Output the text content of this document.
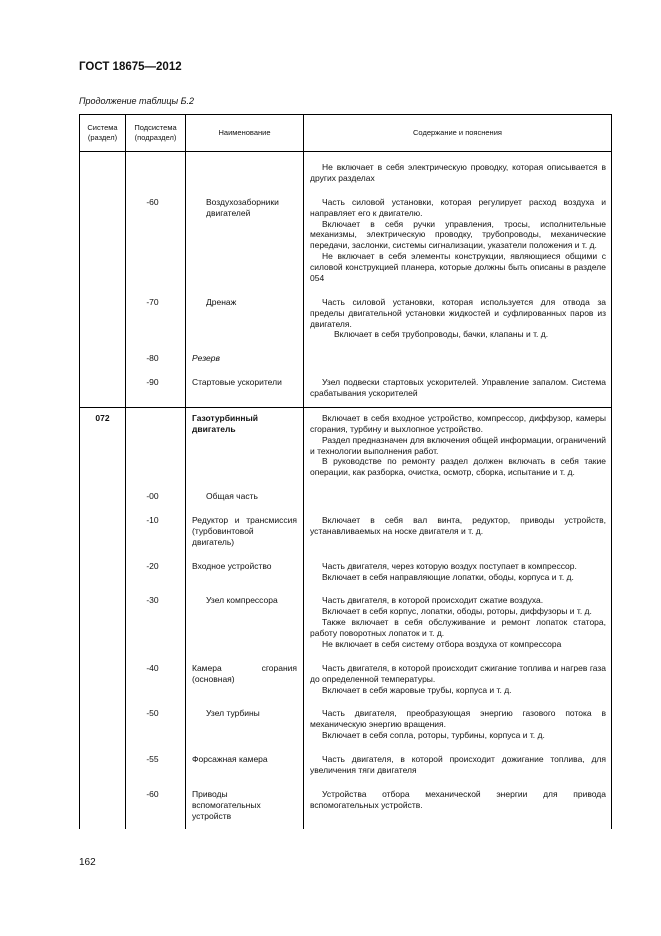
ГОСТ 18675—2012
Продолжение таблицы Б.2
Система (раздел)	Подсистема (подраздел)	Наименование	Содержание и пояснения

			Не включает в себя электрическую проводку, которая описывается в других разделах

	-60	Воздухозаборники двигателей	Часть силовой установки, которая регулирует расход воздуха и направляет его к двигателю.

Включает в себя ручки управления, тросы, исполнительные механизмы, электрическую проводку, трубопроводы, механические передачи, заслонки, системы сигнализации, указатели положения и т. д.

Не включает в себя элементы конструкции, являющиеся общими с силовой конструкцией планера, которые должны быть описаны в разделе 054

	-70	Дренаж	Часть силовой установки, которая используется для отвода за пределы двигательной установки жидкостей и суфлированных паров из двигателя.

Включает в себя трубопроводы, бачки, клапаны и т. д.

	-80	Резерв	
	-90	Стартовые ускорители	Узел подвески стартовых ускорителей. Управление запалом. Система срабатывания ускорителей

072		Газотурбинный двигатель	Включает в себя входное устройство, компрессор, диффузор, камеры сгорания, турбину и выхлопное устройство.

Раздел предназначен для включения общей информации, ограничений и технологии выполнения работ.

В руководстве по ремонту раздел должен включать в себя такие операции, как разборка, очистка, осмотр, сборка, испытание и т. д.

	-00	Общая часть	
	-10	Редуктор и трансмиссия (турбовинтовой двигатель)	Включает в себя вал винта, редуктор, приводы устройств, устанавливаемых на носке двигателя и т. д.

	-20	Входное устройство	Часть двигателя, через которую воздух поступает в компрессор.

Включает в себя направляющие лопатки, ободы, корпуса и т. д.

	-30	Узел компрессора	Часть двигателя, в которой происходит сжатие воздуха.

Включает в себя корпус, лопатки, ободы, роторы, диффузоры и т. д.

Также включает в себя обслуживание и ремонт лопаток статора, работу поворотных лопаток и т. д.

Не включает в себя систему отбора воздуха от компрессора

	-40	Камера сгорания (основная)	Часть двигателя, в которой происходит сжигание топлива и нагрев газа до определенной температуры.

Включает в себя жаровые трубы, корпуса и т. д.

	-50	Узел турбины	Часть двигателя, преобразующая энергию газового потока в механическую энергию вращения.

Включает в себя сопла, роторы, турбины, корпуса и т. д.

	-55	Форсажная камера	Часть двигателя, в которой происходит дожигание топлива, для увеличения тяги двигателя

	-60	Приводы вспомогательных устройств	Устройства отбора механической энергии для привода вспомогательных устройств.

162
